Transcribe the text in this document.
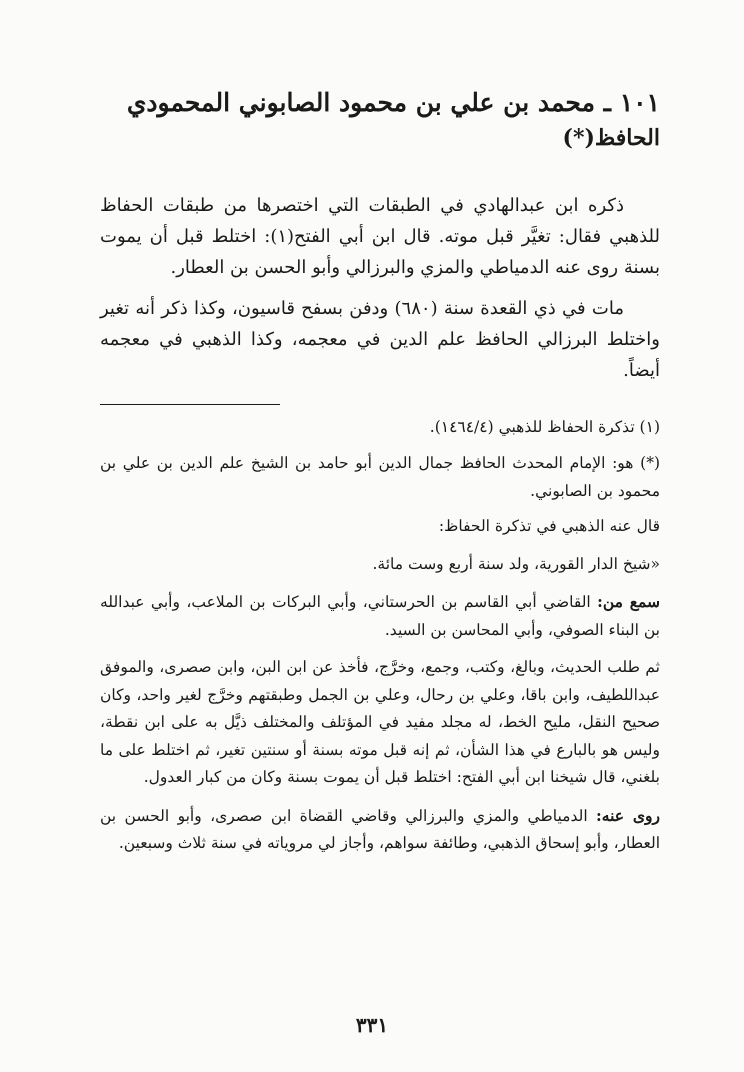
١٠١ ـ محمد بن علي بن محمود الصابوني المحمودي
الحافظ(*)

ذكره ابن عبدالهادي في الطبقات التي اختصرها من طبقات الحفاظ للذهبي فقال: تغيَّر قبل موته. قال ابن أبي الفتح(١): اختلط قبل أن يموت بسنة روى عنه الدمياطي والمزي والبرزالي وأبو الحسن بن العطار.

مات في ذي القعدة سنة (٦٨٠) ودفن بسفح قاسيون، وكذا ذكر أنه تغير واختلط البرزالي الحافظ علم الدين في معجمه، وكذا الذهبي في معجمه أيضاً.

(١) تذكرة الحفاظ للذهبي (١٤٦٤/٤).

(*) هو: الإمام المحدث الحافظ جمال الدين أبو حامد بن الشيخ علم الدين بن علي بن محمود بن الصابوني.

قال عنه الذهبي في تذكرة الحفاظ:

«شيخ الدار القورية، ولد سنة أربع وست مائة.

سمع من: القاضي أبي القاسم بن الحرستاني، وأبي البركات بن الملاعب، وأبي عبدالله بن البناء الصوفي، وأبي المحاسن بن السيد.

ثم طلب الحديث، وبالغ، وكتب، وجمع، وخرَّج، فأخذ عن ابن البن، وابن صصرى، والموفق عبداللطيف، وابن باقا، وعلي بن رحال، وعلي بن الجمل وطبقتهم وخرَّج لغير واحد، وكان صحيح النقل، مليح الخط، له مجلد مفيد في المؤتلف والمختلف ذيَّل به على ابن نقطة، وليس هو بالبارع في هذا الشأن، ثم إنه قبل موته بسنة أو سنتين تغير، ثم اختلط على ما بلغني، قال شيخنا ابن أبي الفتح: اختلط قبل أن يموت بسنة وكان من كبار العدول.

روى عنه: الدمياطي والمزي والبرزالي وقاضي القضاة ابن صصرى، وأبو الحسن بن العطار، وأبو إسحاق الذهبي، وطائفة سواهم، وأجاز لي مروياته في سنة ثلاث وسبعين.

٣٣١
